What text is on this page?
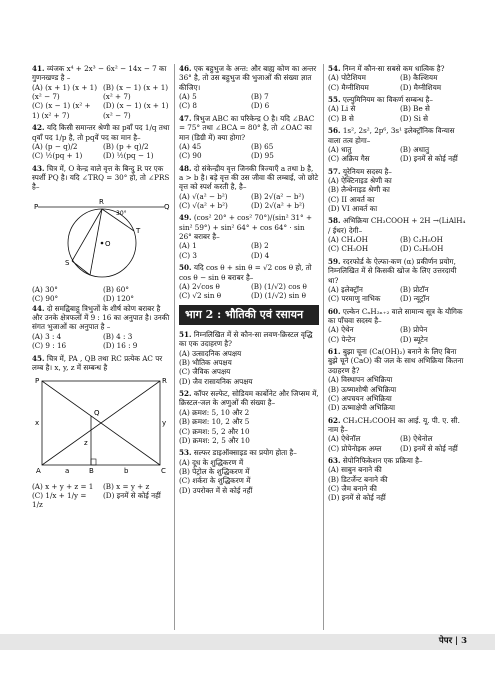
41. व्यंजक x⁴ + 2x³ − 6x² − 14x − 7 का गुणनखण्ड है –
(A) (x + 1) (x + 1) (x² − 7)
(B) (x − 1) (x + 1) (x² + 7)
(C) (x − 1) (x² + 1) (x² + 7)
(D) (x − 1) (x + 1) (x² − 7)
42. यदि किसी समान्तर श्रेणी का pवाँ पद 1/q तथा qवाँ पद 1/p है, तो pqवें पद का मान है–
(A) (p − q)/2	(B) (p + q)/2
(C) ½(pq + 1)	(D) ½(pq − 1)
43. चित्र में, O केन्द्र वाले वृत्त के बिन्दु R पर एक स्पर्शी PQ है। यदि ∠TRQ = 30° हो, तो ∠PRS है–
P	Q
R
S
T
O
30°
(A) 30°	(B) 60°
(C) 90°	(D) 120°
44. दो समद्विबाहु त्रिभुजों के शीर्ष कोण बराबर है और उनके क्षेत्रफलों में 9 : 16 का अनुपात है। उनकी संगत भुजाओं का अनुपात है –
(A) 3 : 4	(B) 4 : 3
(C) 9 : 16	(D) 16 : 9
45. चित्र में, PA , QB तथा RC प्रत्येक AC पर लम्ब है। x, y, z में सम्बन्ध है
P	R
Q
A	B	C
x	y
z
a	b
(A) x + y + z = 1	(B) x = y + z
(C) 1/x + 1/y = 1/z
(D) इनमें से कोई नहीं
46. एक बहुभुज के अन्त: और बाह्य कोण का अन्तर 36° है, तो उस बहुभुज की भुजाओं की संख्या ज्ञात कीजिए।
(A) 5	(B) 7
(C) 8	(D) 6
47. त्रिभुज ABC का परिकेन्द्र O है। यदि ∠BAC = 75° तथा ∠BCA = 80° है, तो ∠OAC का मान (डिग्री में) क्या होगा?
(A) 45	(B) 65
(C) 90	(D) 95
48. दो संकेन्द्रीय वृत्त जिनकी त्रिज्याएँ a तथा b है, a > b है। बड़े वृत्त की उस जीवा की लम्बाई, जो छोटे वृत्त को स्पर्श करती है, है–
(A) √(a² − b²)	(B) 2√(a² − b²)
(C) √(a² + b²)	(D) 2√(a² + b²)
49. (cos² 20° + cos² 70°)/(sin² 31° + sin² 59°) + sin² 64° + cos 64° · sin 26° बराबर है–
(A) 1	(B) 2
(C) 3	(D) 4
50. यदि cos θ + sin θ = √2 cos θ हो, तो cos θ − sin θ बराबर है–
(A) 2√cos θ	(B) (1/√2) cos θ
(C) √2 sin θ	(D) (1/√2) sin θ
भाग 2 : भौतिकी एवं रसायन
51. निम्नलिखित में से कौन-सा लवण-क्रिस्टल वृद्धि का एक उदाहरण है?
(A) उत्सादनिक अपक्षय
(B) भौतिक अपक्षय
(C) जैविक अपक्षय
(D) जैव रासायनिक अपक्षय
52. कॉपर सल्फेट, सोडियम कार्बोनेट और जिप्सम में, क्रिस्टल-जल के अणुओं की संख्या है–
(A) क्रमश: 5, 10 और 2
(B) क्रमश: 10, 2 और 5
(C) क्रमश: 5, 2 और 10
(D) क्रमश: 2, 5 और 10
53. सल्फर डाइऑक्साइड का प्रयोग होता है–
(A) दूध के शुद्धिकरण में
(B) पेट्रोल के शुद्धिकरण में
(C) शर्करा के शुद्धिकरण में
(D) उपरोक्त में से कोई नहीं
54. निम्न में कौन-सा सबसे कम धात्विक है?
(A) पोटैशियम	(B) कैल्शियम
(C) मैग्नीशियम	(D) मैग्नीशियम
55. एल्युमिनियम का विकर्ण सम्बन्ध है–
(A) Li से	(B) Be से
(C) B से	(D) Si से
56. 1s², 2s², 2p⁶, 3s¹ इलेक्ट्रॉनिक विन्यास वाला तत्व होगा–
(A) धातु	(B) अधातु
(C) अक्रिय गैस	(D) इनमें से कोई नहीं
57. यूरेनियम सदस्य है–
(A) ऐक्टिनाइड श्रेणी का
(B) लैन्थेनाइड श्रेणी का
(C) II आवर्त का
(D) VI आवर्त का
58. अभिक्रिया CH₃COOH + 2H →(LiAlH₄ / ईथर) देगी–
(A) CH₄OH	(B) C₂H₅OH
(C) CH₃OH	(D) C₂H₅OH
59. रदरफोर्ड के ऐल्फा-कण (α) प्रकीर्णन प्रयोग, निम्नलिखित में से किसकी खोज के लिए उत्तरदायी था?
(A) इलेक्ट्रॉन	(B) प्रोटॉन
(C) परमाणु नाभिक	(D) न्यूट्रॉन
60. एल्केन CₙH₂ₙ₊₂ वाले सामान्य सूत्र के यौगिक का पाँचवा सदस्य है–
(A) ऐथेन	(B) प्रोपेन
(C) पेन्टेन	(D) ब्यूटेन
61. बुझा चूना (Ca(OH)₂) बनाने के लिए बिना बुझे चूने (CaO) की जल के साथ अभिक्रिया कितना उदाहरण है?
(A) विस्थापन अभिक्रिया
(B) ऊष्माशोषी अभिक्रिया
(C) अपचयन अभिक्रिया
(D) ऊष्माक्षेपी अभिक्रिया
62. CH₃CH₂COOH का आई. यू. पी. ए. सी. नाम है–
(A) ऐथेनॉल	(B) ऐथेनोल
(C) प्रोपेनोइक अम्ल	(D) इनमें से कोई नहीं
63. सेपोनिफिकेशन एक प्रक्रिया है–
(A) साबुन बनाने की
(B) डिटर्जेन्ट बनाने की
(C) जैम बनाने की
(D) इनमें से कोई नहीं
पेपर | 3
